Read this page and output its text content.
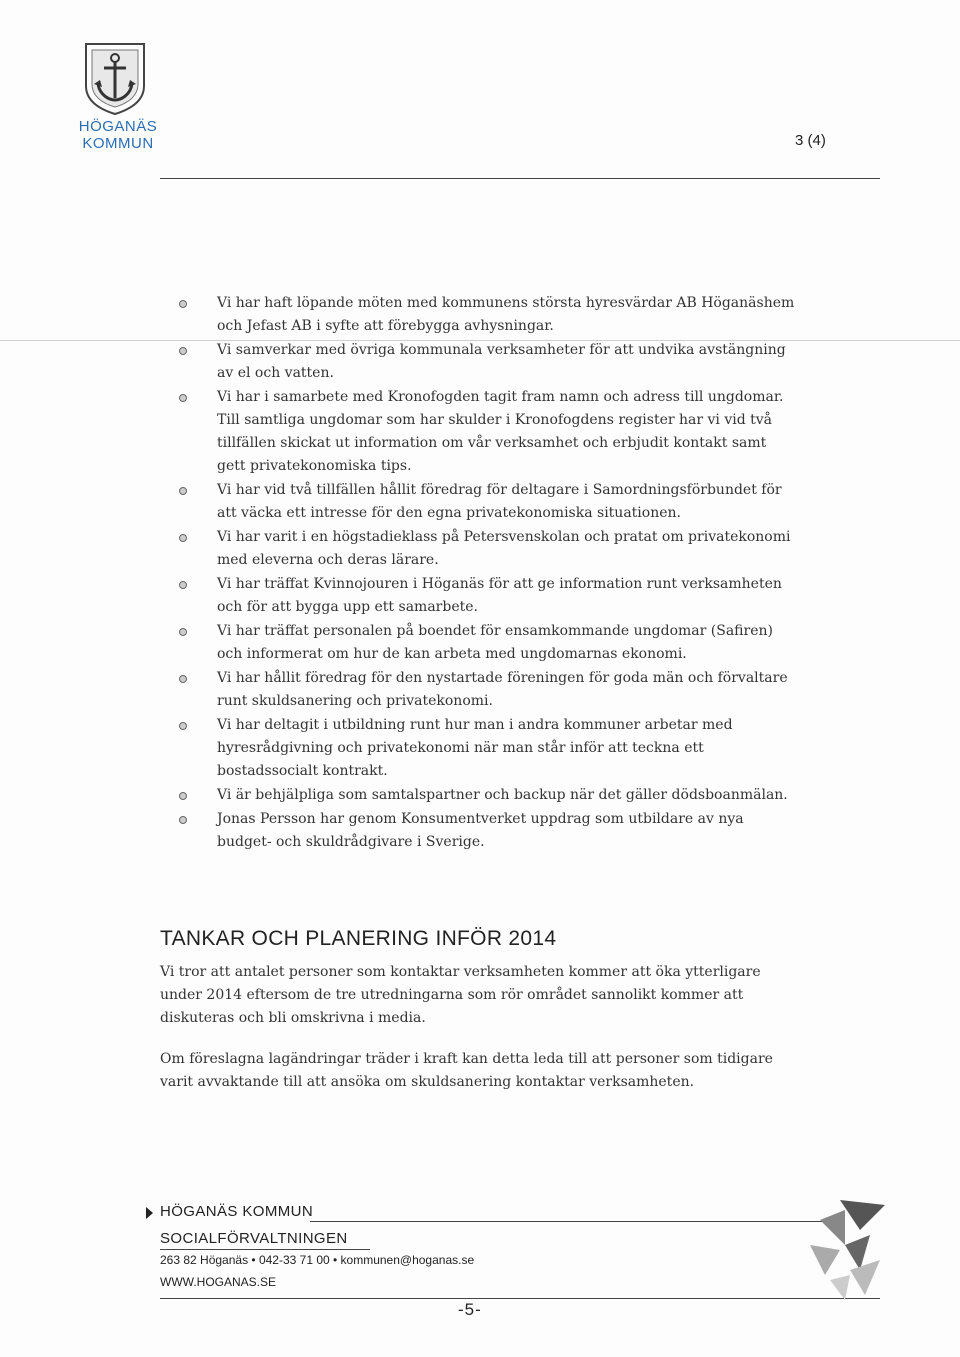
HÖGANÄS
KOMMUN	3 (4)
Vi har haft löpande möten med kommunens största hyresvärdar AB Höganäshem och Jefast AB i syfte att förebygga avhysningar.
Vi samverkar med övriga kommunala verksamheter för att undvika avstängning av el och vatten.
Vi har i samarbete med Kronofogden tagit fram namn och adress till ungdomar. Till samtliga ungdomar som har skulder i Kronofogdens register har vi vid två tillfällen skickat ut information om vår verksamhet och erbjudit kontakt samt gett privatekonomiska tips.
Vi har vid två tillfällen hållit föredrag för deltagare i Samordningsförbundet för att väcka ett intresse för den egna privatekonomiska situationen.
Vi har varit i en högstadieklass på Petersvenskolan och pratat om privatekonomi med eleverna och deras lärare.
Vi har träffat Kvinnojouren i Höganäs för att ge information runt verksamheten och för att bygga upp ett samarbete.
Vi har träffat personalen på boendet för ensamkommande ungdomar (Safiren) och informerat om hur de kan arbeta med ungdomarnas ekonomi.
Vi har hållit föredrag för den nystartade föreningen för goda män och förvaltare runt skuldsanering och privatekonomi.
Vi har deltagit i utbildning runt hur man i andra kommuner arbetar med hyresrådgivning och privatekonomi när man står inför att teckna ett bostadssocialt kontrakt.
Vi är behjälpliga som samtalspartner och backup när det gäller dödsboanmälan.
Jonas Persson har genom Konsumentverket uppdrag som utbildare av nya budget- och skuldrådgivare i Sverige.
TANKAR OCH PLANERING INFÖR 2014

Vi tror att antalet personer som kontaktar verksamheten kommer att öka ytterligare under 2014 eftersom de tre utredningarna som rör området sannolikt kommer att diskuteras och bli omskrivna i media.

Om föreslagna lagändringar träder i kraft kan detta leda till att personer som tidigare varit avvaktande till att ansöka om skuldsanering kontaktar verksamheten.

HÖGANÄS KOMMUN
SOCIALFÖRVALTNINGEN
263 82 Höganäs • 042-33 71 00 • kommunen@hoganas.se
WWW.HOGANAS.SE
-5-
